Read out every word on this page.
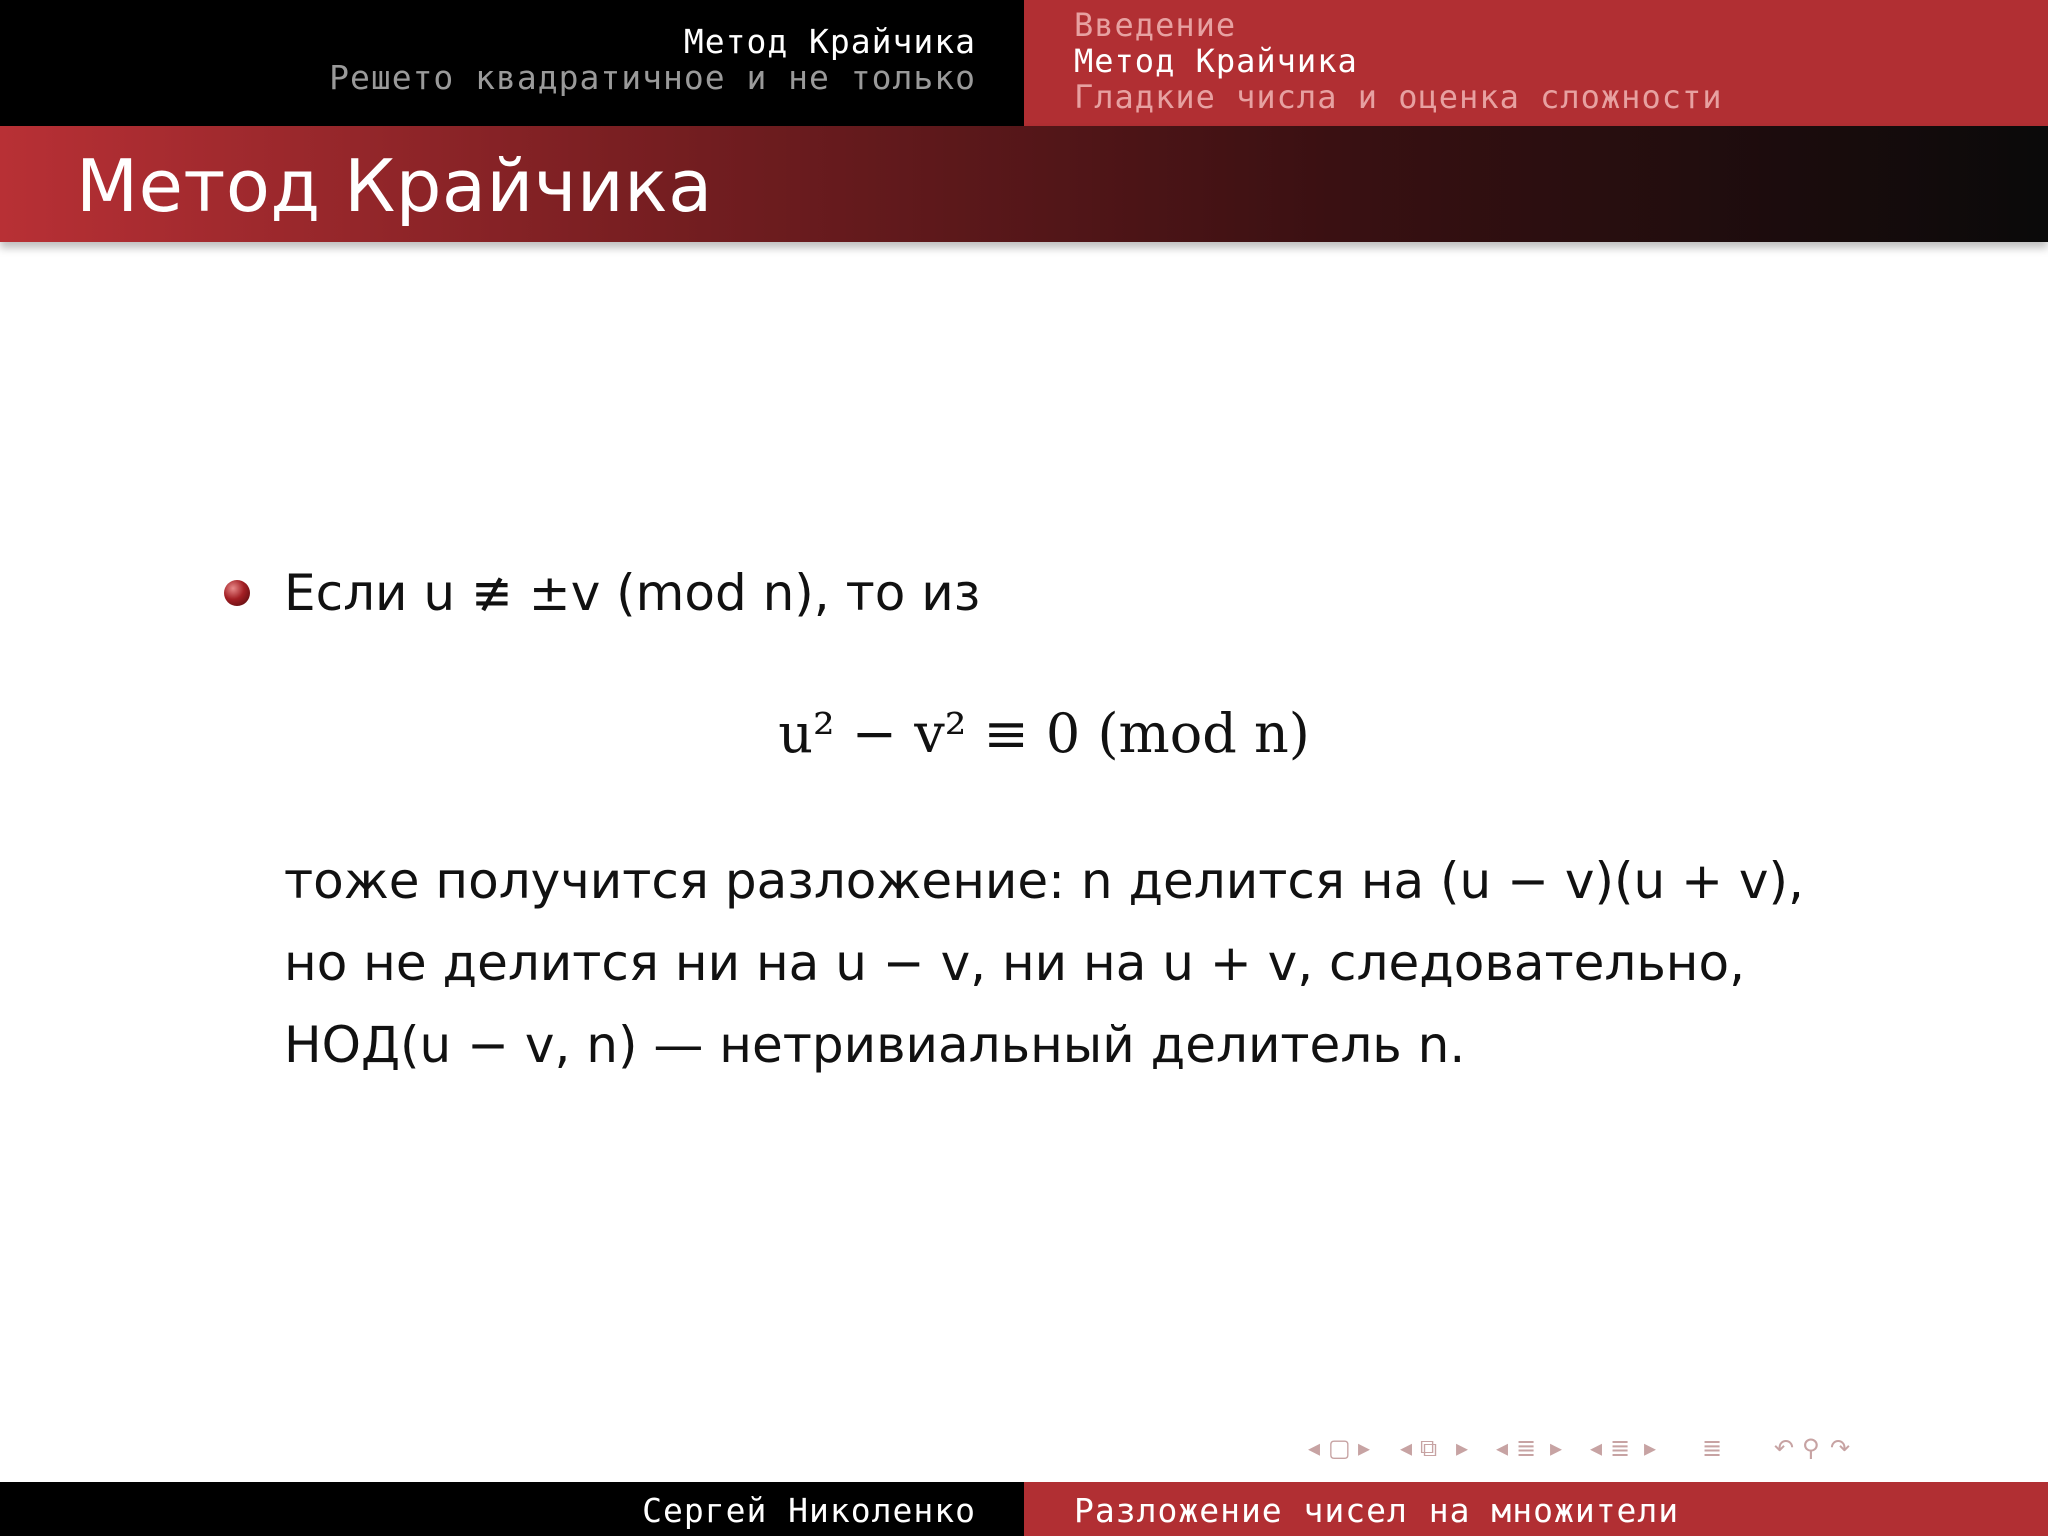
Метод Крайчика
Решето квадратичное и не только
Введение
Метод Крайчика
Гладкие числа и оценка сложности
Метод Крайчика
Если u ≢ ±v (mod n), то из
u² − v² ≡ 0 (mod n)
тоже получится разложение: n делится на (u − v)(u + v),
но не делится ни на u − v, ни на u + v, следовательно,
НОД(u − v, n) — нетривиальный делитель n.
◂ ▢ ▸ ◂ ⧉ ▸ ◂ ≣ ▸ ◂ ≣ ▸ ≣ ↶ ⚲ ↷
Сергей Николенко	Разложение чисел на множители
